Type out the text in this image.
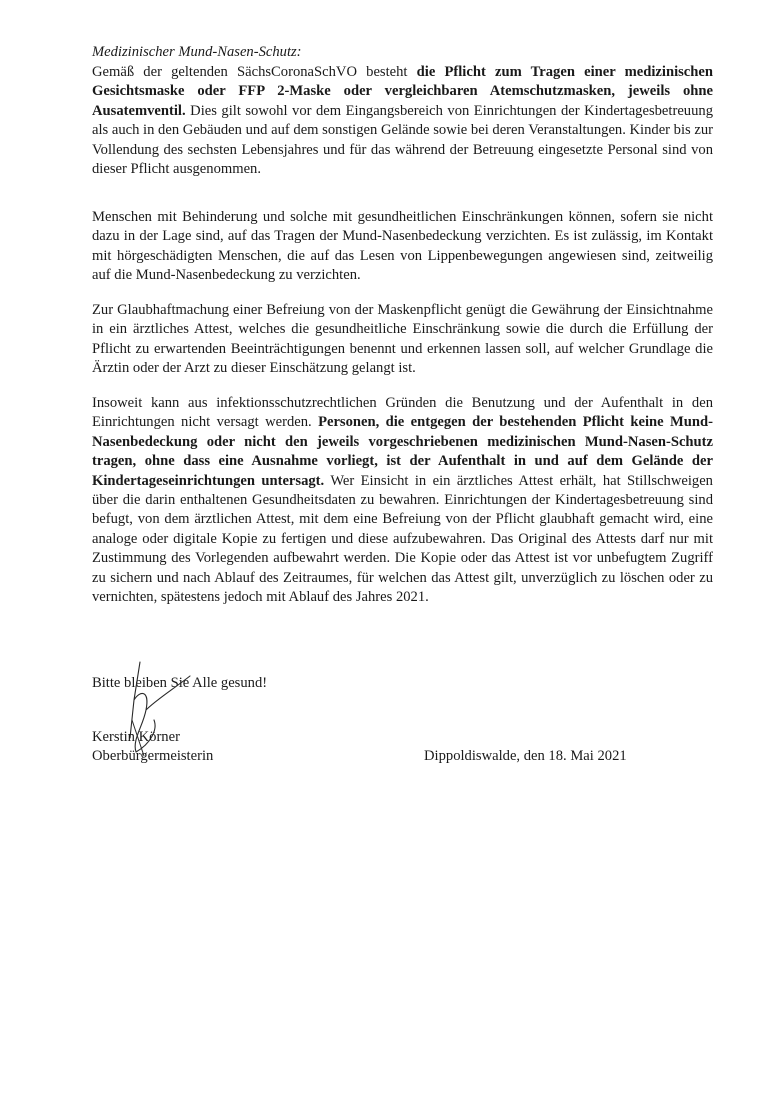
Medizinischer Mund-Nasen-Schutz:

Gemäß der geltenden SächsCoronaSchVO besteht die Pflicht zum Tragen einer medizinischen Gesichtsmaske oder FFP 2-Maske oder vergleichbaren Atemschutzmasken, jeweils ohne Ausatemventil. Dies gilt sowohl vor dem Eingangsbereich von Einrichtungen der Kindertagesbetreuung als auch in den Gebäuden und auf dem sonstigen Gelände sowie bei deren Veranstaltungen. Kinder bis zur Vollendung des sechsten Lebensjahres und für das während der Betreuung eingesetzte Personal sind von dieser Pflicht ausgenommen.

Menschen mit Behinderung und solche mit gesundheitlichen Einschränkungen können, sofern sie nicht dazu in der Lage sind, auf das Tragen der Mund-Nasenbedeckung verzichten. Es ist zulässig, im Kontakt mit hörgeschädigten Menschen, die auf das Lesen von Lippenbewegungen angewiesen sind, zeitweilig auf die Mund-Nasenbedeckung zu verzichten.

Zur Glaubhaftmachung einer Befreiung von der Maskenpflicht genügt die Gewährung der Einsichtnahme in ein ärztliches Attest, welches die gesundheitliche Einschränkung sowie die durch die Erfüllung der Pflicht zu erwartenden Beeinträchtigungen benennt und erkennen lassen soll, auf welcher Grundlage die Ärztin oder der Arzt zu dieser Einschätzung gelangt ist.

Insoweit kann aus infektionsschutzrechtlichen Gründen die Benutzung und der Aufenthalt in den Einrichtungen nicht versagt werden. Personen, die entgegen der bestehenden Pflicht keine Mund-Nasenbedeckung oder nicht den jeweils vorgeschriebenen medizinischen Mund-Nasen-Schutz tragen, ohne dass eine Ausnahme vorliegt, ist der Aufenthalt in und auf dem Gelände der Kindertageseinrichtungen untersagt. Wer Einsicht in ein ärztliches Attest erhält, hat Stillschweigen über die darin enthaltenen Gesundheitsdaten zu bewahren. Einrichtungen der Kindertagesbetreuung sind befugt, von dem ärztlichen Attest, mit dem eine Befreiung von der Pflicht glaubhaft gemacht wird, eine analoge oder digitale Kopie zu fertigen und diese aufzubewahren. Das Original des Attests darf nur mit Zustimmung des Vorlegenden aufbewahrt werden. Die Kopie oder das Attest ist vor unbefugtem Zugriff zu sichern und nach Ablauf des Zeitraumes, für welchen das Attest gilt, unverzüglich zu löschen oder zu vernichten, spätestens jedoch mit Ablauf des Jahres 2021.

Bitte bleiben Sie Alle gesund!
Kerstin Körner
Oberbürgermeisterin	Dippoldiswalde, den 18. Mai 2021
